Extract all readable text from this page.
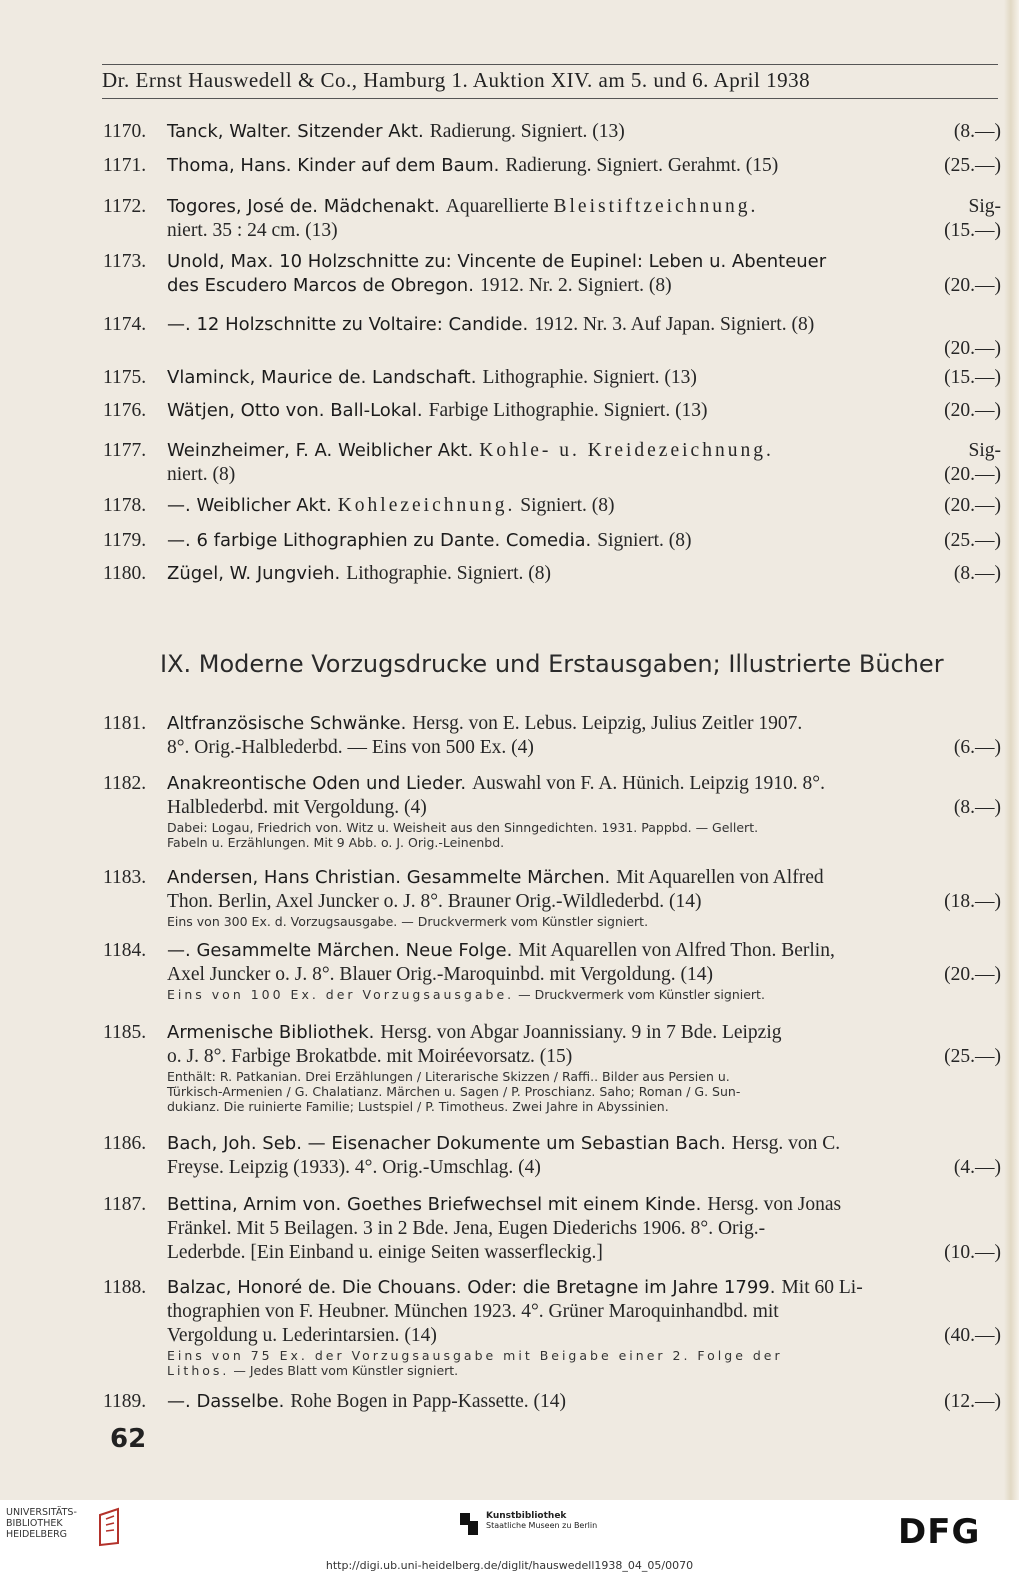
Dr. Ernst Hauswedell & Co., Hamburg 1. Auktion XIV. am 5. und 6. April 1938
1170.	Tanck, Walter. Sitzender Akt. Radierung. Signiert. (13)	(8.—)
1171.	Thoma, Hans. Kinder auf dem Baum. Radierung. Signiert. Gerahmt. (15)	(25.—)
1172.	Togores, José de. Mädchenakt. Aquarellierte Bleistiftzeichnung.	Sig-
niert. 35 : 24 cm. (13)	(15.—)
1173.	Unold, Max. 10 Holzschnitte zu: Vincente de Eupinel: Leben u. Abenteuer
des Escudero Marcos de Obregon. 1912. Nr. 2. Signiert. (8)	(20.—)
1174.	—. 12 Holzschnitte zu Voltaire: Candide. 1912. Nr. 3. Auf Japan. Signiert. (8)
(20.—)
1175.	Vlaminck, Maurice de. Landschaft. Lithographie. Signiert. (13)	(15.—)
1176.	Wätjen, Otto von. Ball-Lokal. Farbige Lithographie. Signiert. (13)	(20.—)
1177.	Weinzheimer, F. A. Weiblicher Akt. Kohle- u. Kreidezeichnung.	Sig-
niert. (8)	(20.—)
1178.	—. Weiblicher Akt. Kohlezeichnung. Signiert. (8)	(20.—)
1179.	—. 6 farbige Lithographien zu Dante. Comedia. Signiert. (8)	(25.—)
1180.	Zügel, W. Jungvieh. Lithographie. Signiert. (8)	(8.—)
IX. Moderne Vorzugsdrucke und Erstausgaben; Illustrierte Bücher
1181.	Altfranzösische Schwänke. Hersg. von E. Lebus. Leipzig, Julius Zeitler 1907.
8°. Orig.-Halblederbd. — Eins von 500 Ex. (4)	(6.—)
1182.	Anakreontische Oden und Lieder. Auswahl von F. A. Hünich. Leipzig 1910. 8°.
Halblederbd. mit Vergoldung. (4)	(8.—)
Dabei: Logau, Friedrich von. Witz u. Weisheit aus den Sinngedichten. 1931. Pappbd. — Gellert.
Fabeln u. Erzählungen. Mit 9 Abb. o. J. Orig.-Leinenbd.
1183.	Andersen, Hans Christian. Gesammelte Märchen. Mit Aquarellen von Alfred
Thon. Berlin, Axel Juncker o. J. 8°. Brauner Orig.-Wildlederbd. (14)	(18.—)
Eins von 300 Ex. d. Vorzugsausgabe. — Druckvermerk vom Künstler signiert.
1184.	—. Gesammelte Märchen. Neue Folge. Mit Aquarellen von Alfred Thon. Berlin,
Axel Juncker o. J. 8°. Blauer Orig.-Maroquinbd. mit Vergoldung. (14)	(20.—)
Eins von 100 Ex. der Vorzugsausgabe. — Druckvermerk vom Künstler signiert.
1185.	Armenische Bibliothek. Hersg. von Abgar Joannissiany. 9 in 7 Bde. Leipzig
o. J. 8°. Farbige Brokatbde. mit Moiréevorsatz. (15)	(25.—)
Enthält: R. Patkanian. Drei Erzählungen / Literarische Skizzen / Raffi.. Bilder aus Persien u.
Türkisch-Armenien / G. Chalatianz. Märchen u. Sagen / P. Proschianz. Saho; Roman / G. Sun-
dukianz. Die ruinierte Familie; Lustspiel / P. Timotheus. Zwei Jahre in Abyssinien.
1186.	Bach, Joh. Seb. — Eisenacher Dokumente um Sebastian Bach. Hersg. von C.
Freyse. Leipzig (1933). 4°. Orig.-Umschlag. (4)	(4.—)
1187.	Bettina, Arnim von. Goethes Briefwechsel mit einem Kinde. Hersg. von Jonas
Fränkel. Mit 5 Beilagen. 3 in 2 Bde. Jena, Eugen Diederichs 1906. 8°. Orig.-
Lederbde. [Ein Einband u. einige Seiten wasserfleckig.]	(10.—)
1188.	Balzac, Honoré de. Die Chouans. Oder: die Bretagne im Jahre 1799. Mit 60 Li-
thographien von F. Heubner. München 1923. 4°. Grüner Maroquinhandbd. mit
Vergoldung u. Lederintarsien. (14)	(40.—)
Eins von 75 Ex. der Vorzugsausgabe mit Beigabe einer 2. Folge der
Lithos. — Jedes Blatt vom Künstler signiert.
1189.	—. Dasselbe. Rohe Bogen in Papp-Kassette. (14)	(12.—)
62
UNIVERSITÄTS-
BIBLIOTHEK
HEIDELBERG
Kunstbibliothek
Staatliche Museen zu Berlin	DFG
http://digi.ub.uni-heidelberg.de/diglit/hauswedell1938_04_05/0070
